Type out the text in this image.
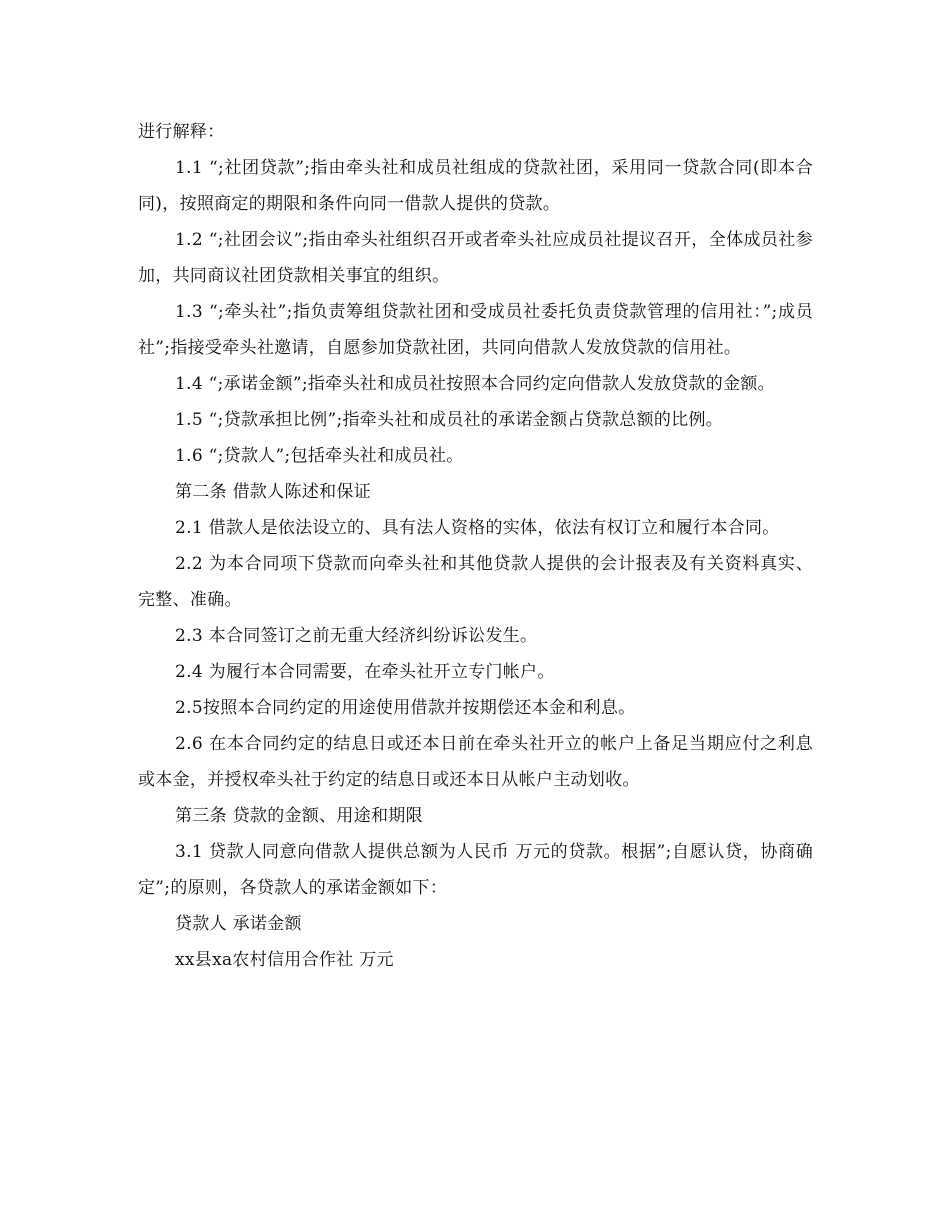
进行解释：

1.1 “;社团贷款”;指由牵头社和成员社组成的贷款社团，采用同一贷款合同(即本合同)，按照商定的期限和条件向同一借款人提供的贷款。

1.2 “;社团会议”;指由牵头社组织召开或者牵头社应成员社提议召开，全体成员社参加，共同商议社团贷款相关事宜的组织。

1.3 “;牵头社”;指负责筹组贷款社团和受成员社委托负责贷款管理的信用社：”;成员社”;指接受牵头社邀请，自愿参加贷款社团，共同向借款人发放贷款的信用社。

1.4 “;承诺金额”;指牵头社和成员社按照本合同约定向借款人发放贷款的金额。

1.5 “;贷款承担比例”;指牵头社和成员社的承诺金额占贷款总额的比例。

1.6 “;贷款人”;包括牵头社和成员社。

第二条 借款人陈述和保证

2.1 借款人是依法设立的、具有法人资格的实体，依法有权订立和履行本合同。

2.2 为本合同项下贷款而向牵头社和其他贷款人提供的会计报表及有关资料真实、完整、准确。

2.3 本合同签订之前无重大经济纠纷诉讼发生。

2.4 为履行本合同需要，在牵头社开立专门帐户。

2.5按照本合同约定的用途使用借款并按期偿还本金和利息。

2.6 在本合同约定的结息日或还本日前在牵头社开立的帐户上备足当期应付之利息或本金，并授权牵头社于约定的结息日或还本日从帐户主动划收。

第三条 贷款的金额、用途和期限

3.1 贷款人同意向借款人提供总额为人民币 万元的贷款。根据”;自愿认贷，协商确定”;的原则，各贷款人的承诺金额如下：

贷款人 承诺金额

xx县xa农村信用合作社 万元
